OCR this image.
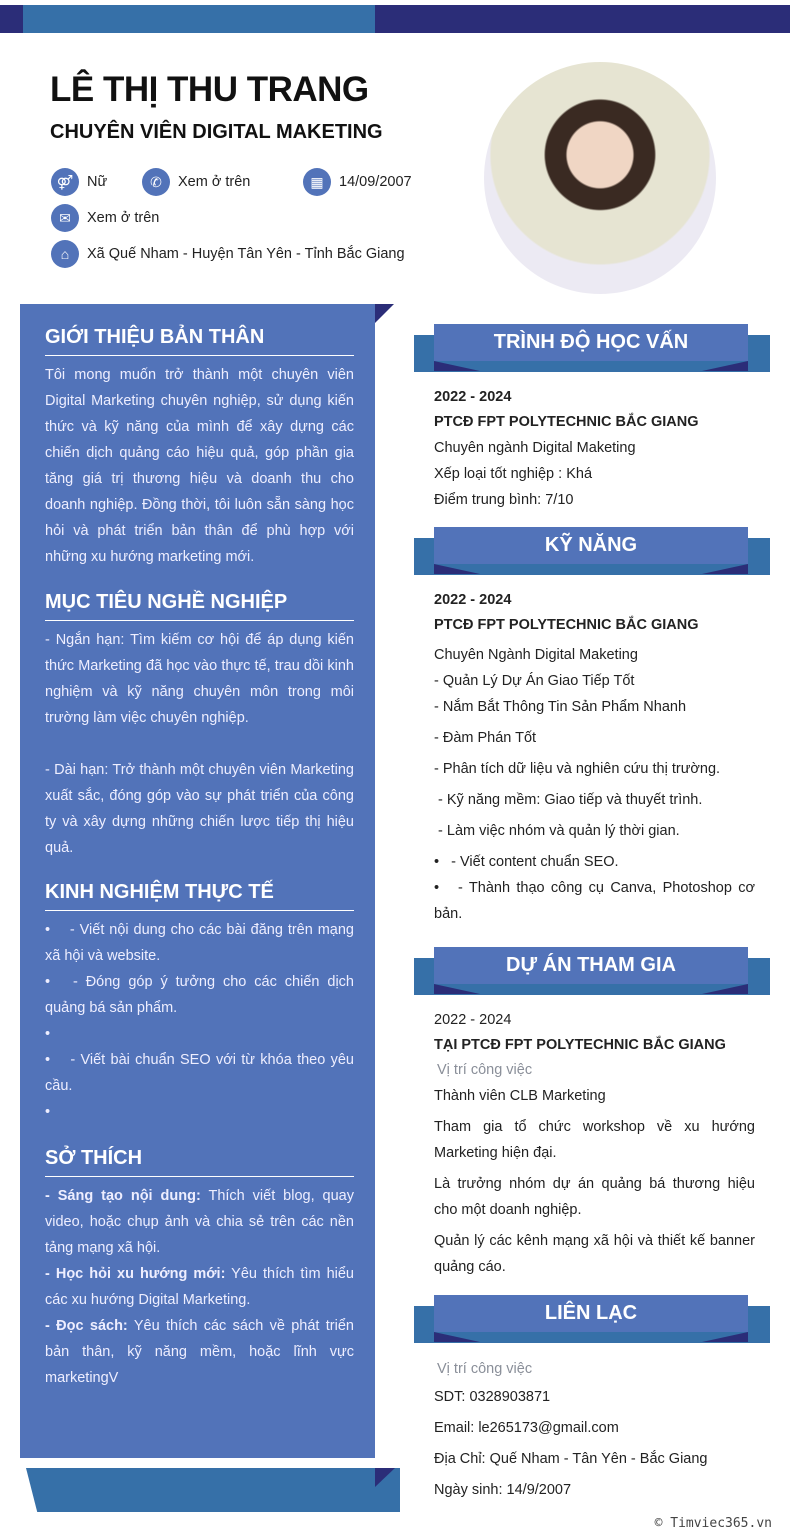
LÊ THỊ THU TRANG
CHUYÊN VIÊN DIGITAL MAKETING
⚤ Nữ	✆	Xem ở trên	▦	14/09/2007
✉	Xem ở trên
⌂	Xã Quế Nham - Huyện Tân Yên - Tỉnh Bắc Giang
GIỚI THIỆU BẢN THÂN

Tôi mong muốn trở thành một chuyên viên Digital Marketing chuyên nghiệp, sử dụng kiến thức và kỹ năng của mình để xây dựng các chiến dịch quảng cáo hiệu quả, góp phần gia tăng giá trị thương hiệu và doanh thu cho doanh nghiệp. Đồng thời, tôi luôn sẵn sàng học hỏi và phát triển bản thân để phù hợp với những xu hướng marketing mới.

MỤC TIÊU NGHỀ NGHIỆP

- Ngắn hạn: Tìm kiếm cơ hội để áp dụng kiến thức Marketing đã học vào thực tế, trau dồi kinh nghiệm và kỹ năng chuyên môn trong môi trường làm việc chuyên nghiệp.

- Dài hạn: Trở thành một chuyên viên Marketing xuất sắc, đóng góp vào sự phát triển của công ty và xây dựng những chiến lược tiếp thị hiệu quả.

KINH NGHIỆM THỰC TẾ
• - Viết nội dung cho các bài đăng trên mạng xã hội và website.
• - Đóng góp ý tưởng cho các chiến dịch quảng bá sản phẩm.
•
• - Viết bài chuẩn SEO với từ khóa theo yêu cầu.
•
SỞ THÍCH

- Sáng tạo nội dung: Thích viết blog, quay video, hoặc chụp ảnh và chia sẻ trên các nền tảng mạng xã hội.

- Học hỏi xu hướng mới: Yêu thích tìm hiểu các xu hướng Digital Marketing.

- Đọc sách: Yêu thích các sách về phát triển bản thân, kỹ năng mềm, hoặc lĩnh vực marketingV

TRÌNH ĐỘ HỌC VẤN
2022 - 2024
PTCĐ FPT POLYTECHNIC BẮC GIANG
Chuyên ngành Digital Maketing
Xếp loại tốt nghiệp : Khá
Điểm trung bình: 7/10
KỸ NĂNG
2022 - 2024
PTCĐ FPT POLYTECHNIC BẮC GIANG
Chuyên Ngành Digital Maketing
- Quản Lý Dự Án Giao Tiếp Tốt
- Nắm Bắt Thông Tin Sản Phẩm Nhanh
- Đàm Phán Tốt
- Phân tích dữ liệu và nghiên cứu thị trường.
- Kỹ năng mềm: Giao tiếp và thuyết trình.
- Làm việc nhóm và quản lý thời gian.
•   - Viết content chuẩn SEO.
•   - Thành thạo công cụ Canva, Photoshop cơ bản.
DỰ ÁN THAM GIA
2022 - 2024
TẠI PTCĐ FPT POLYTECHNIC BẮC GIANG
Vị trí công việc
Thành viên CLB Marketing
Tham gia tổ chức workshop về xu hướng Marketing hiện đại.
Là trưởng nhóm dự án quảng bá thương hiệu cho một doanh nghiệp.
Quản lý các kênh mạng xã hội và thiết kế banner quảng cáo.
LIÊN LẠC
Vị trí công việc
SDT: 0328903871
Email: le265173@gmail.com
Địa Chỉ: Quế Nham - Tân Yên - Bắc Giang
Ngày sinh: 14/9/2007
© Timviec365.vn
